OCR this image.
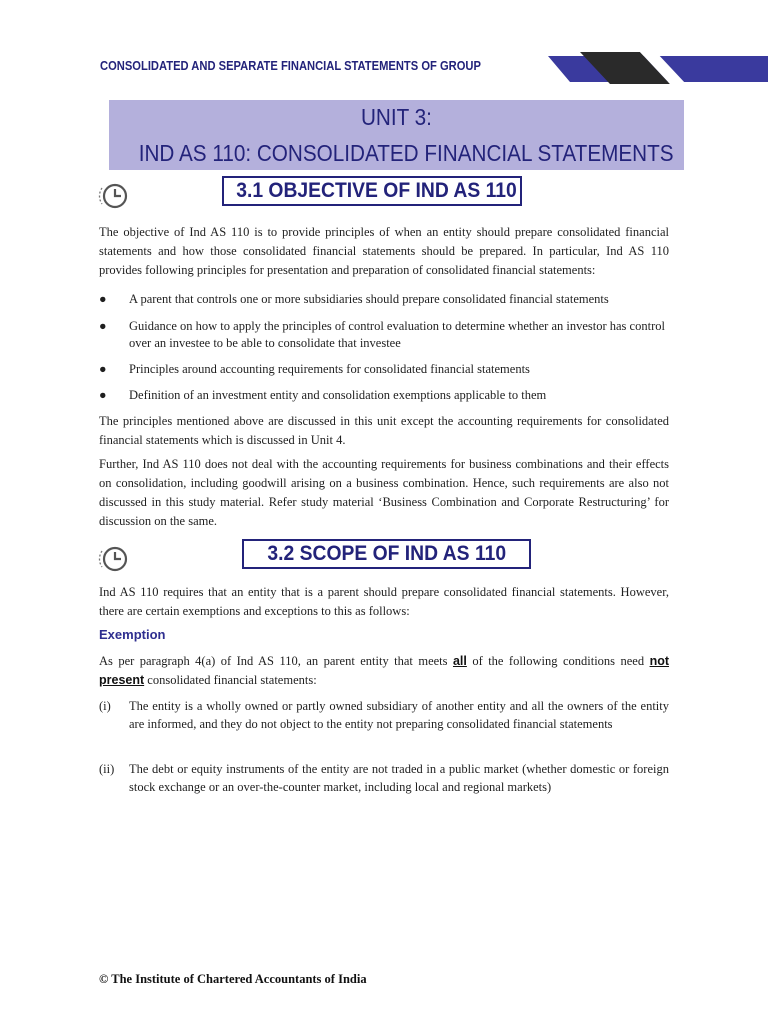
CONSOLIDATED AND SEPARATE FINANCIAL STATEMENTS OF GROUP
UNIT 3:
IND AS 110: CONSOLIDATED FINANCIAL STATEMENTS
3.1 OBJECTIVE OF IND AS 110
The objective of Ind AS 110 is to provide principles of when an entity should prepare consolidated financial statements and how those consolidated financial statements should be prepared. In particular, Ind AS 110 provides following principles for presentation and preparation of consolidated financial statements:
●	A parent that controls one or more subsidiaries should prepare consolidated financial statements
●	Guidance on how to apply the principles of control evaluation to determine whether an investor has control over an investee to be able to consolidate that investee
●	Principles around accounting requirements for consolidated financial statements
●	Definition of an investment entity and consolidation exemptions applicable to them
The principles mentioned above are discussed in this unit except the accounting requirements for consolidated financial statements which is discussed in Unit 4.
Further, Ind AS 110 does not deal with the accounting requirements for business combinations and their effects on consolidation, including goodwill arising on a business combination. Hence, such requirements are also not discussed in this study material. Refer study material ‘Business Combination and Corporate Restructuring’ for discussion on the same.
3.2 SCOPE OF IND AS 110
Ind AS 110 requires that an entity that is a parent should prepare consolidated financial statements. However, there are certain exemptions and exceptions to this as follows:
Exemption
As per paragraph 4(a) of Ind AS 110, an parent entity that meets all of the following conditions need not present consolidated financial statements:
(i) The entity is a wholly owned or partly owned subsidiary of another entity and all the owners of the entity are informed, and they do not object to the entity not preparing consolidated financial statements
(ii) The debt or equity instruments of the entity are not traded in a public market (whether domestic or foreign stock exchange or an over-the-counter market, including local and regional markets)
© The Institute of Chartered Accountants of India
